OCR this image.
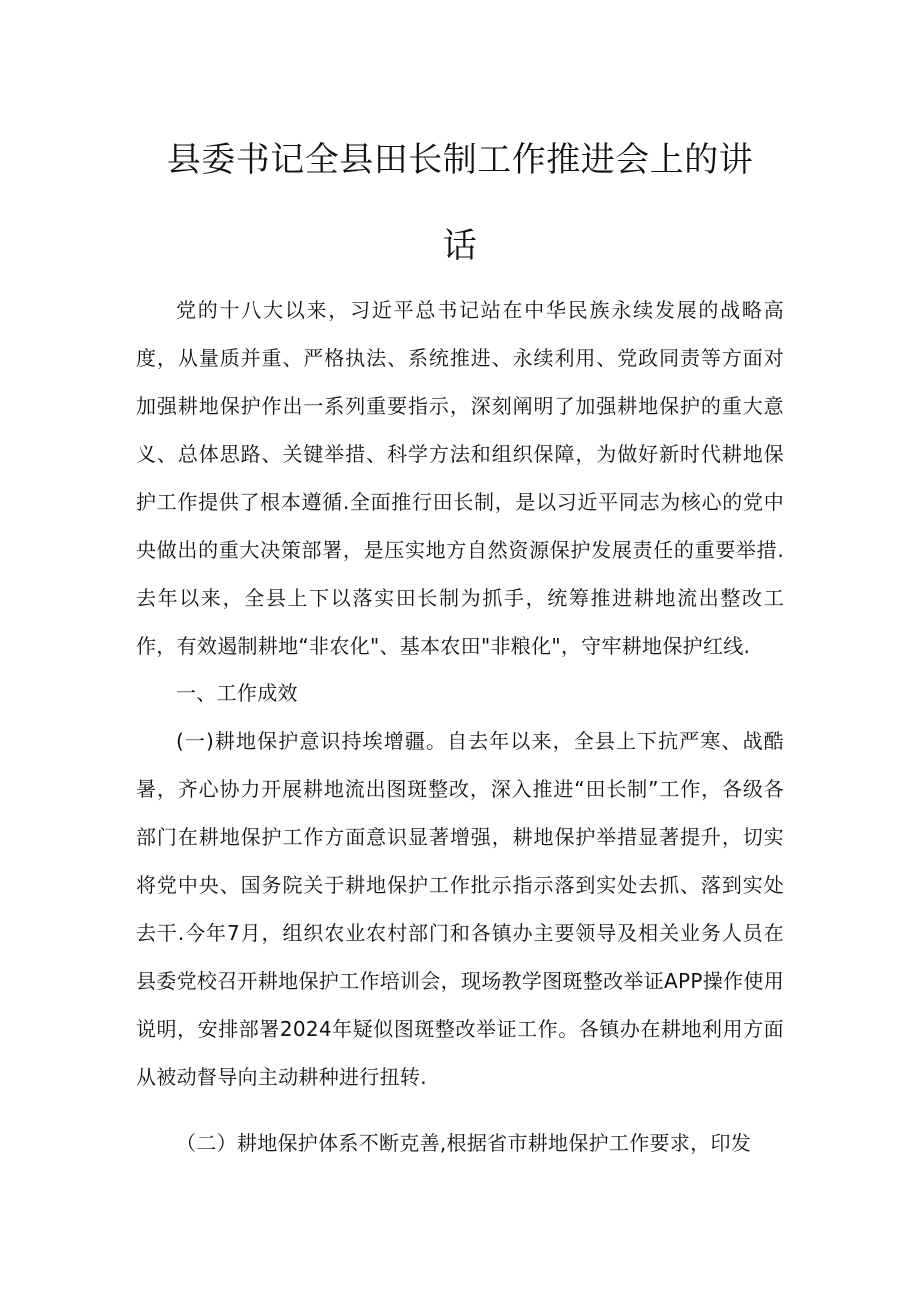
县委书记全县田长制工作推进会上的讲
话

党的十八大以来，习近平总书记站在中华民族永续发展的战略高度，从量质并重、严格执法、系统推进、永续利用、党政同责等方面对加强耕地保护作出一系列重要指示，深刻阐明了加强耕地保护的重大意义、总体思路、关键举措、科学方法和组织保障，为做好新时代耕地保护工作提供了根本遵循.全面推行田长制，是以习近平同志为核心的党中央做出的重大决策部署，是压实地方自然资源保护发展责任的重要举措.去年以来，全县上下以落实田长制为抓手，统筹推进耕地流出整改工作，有效遏制耕地“非农化"、基本农田"非粮化"，守牢耕地保护红线.

一、工作成效

(一)耕地保护意识持埃增疆。自去年以来，全县上下抗严寒、战酷暑，齐心协力开展耕地流出图斑整改，深入推进“田长制”工作，各级各部门在耕地保护工作方面意识显著增强，耕地保护举措显著提升，切实将党中央、国务院关于耕地保护工作批示指示落到实处去抓、落到实处去干.今年7月，组织农业农村部门和各镇办主要领导及相关业务人员在县委党校召开耕地保护工作培训会，现场教学图斑整改举证APP操作使用说明，安排部署2024年疑似图斑整改举证工作。各镇办在耕地利用方面从被动督导向主动耕种进行扭转.

（二）耕地保护体系不断克善,根据省市耕地保护工作要求，印发
